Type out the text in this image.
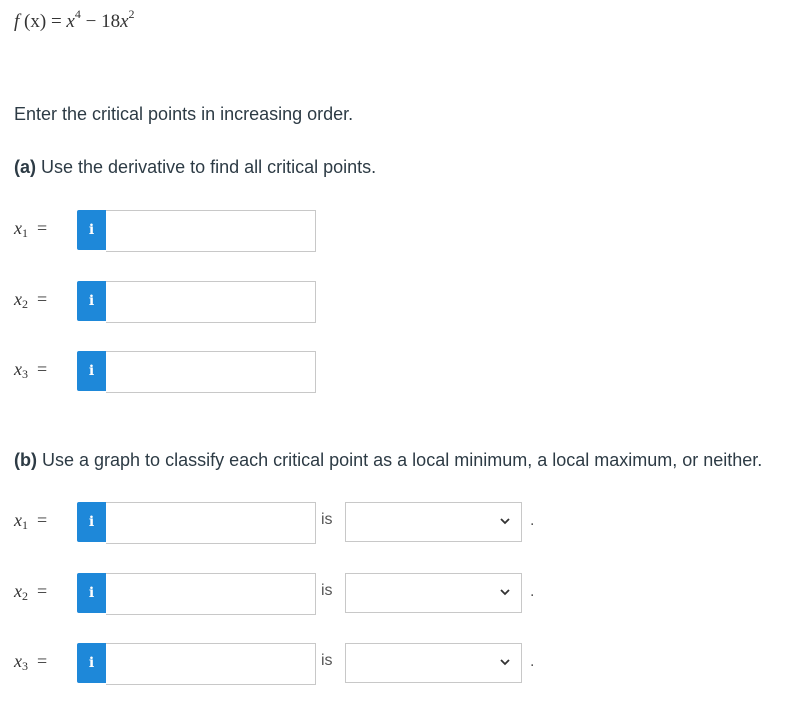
f $(x) = x^4 - 18x^2$
Enter the critical points in increasing order.
(a) Use the derivative to find all critical points.
$x_1$ =	i
$x_2$ =	i
$x_3$ =	i
(b) Use a graph to classify each critical point as a local minimum, a local maximum, or neither.
$x_1$ =	i	is	.
$x_2$ =	i	is	.
$x_3$ =	i	is	.
